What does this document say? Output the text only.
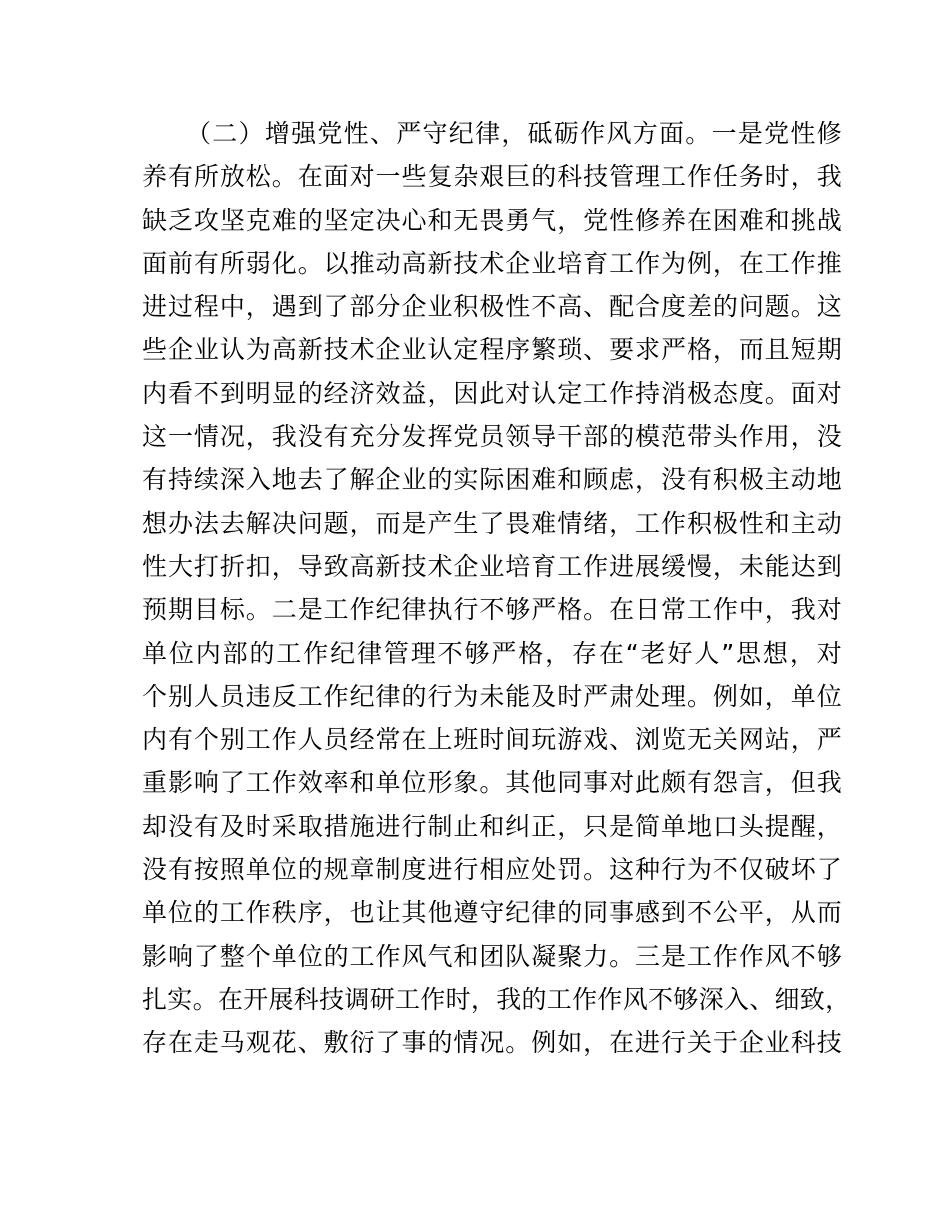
（二）增强党性、严守纪律，砥砺作风方面。一是党性修
养有所放松。在面对一些复杂艰巨的科技管理工作任务时，我
缺乏攻坚克难的坚定决心和无畏勇气，党性修养在困难和挑战
面前有所弱化。以推动高新技术企业培育工作为例，在工作推
进过程中，遇到了部分企业积极性不高、配合度差的问题。这
些企业认为高新技术企业认定程序繁琐、要求严格，而且短期
内看不到明显的经济效益，因此对认定工作持消极态度。面对
这一情况，我没有充分发挥党员领导干部的模范带头作用，没
有持续深入地去了解企业的实际困难和顾虑，没有积极主动地
想办法去解决问题，而是产生了畏难情绪，工作积极性和主动
性大打折扣，导致高新技术企业培育工作进展缓慢，未能达到
预期目标。二是工作纪律执行不够严格。在日常工作中，我对
单位内部的工作纪律管理不够严格，存在“老好人”思想，对
个别人员违反工作纪律的行为未能及时严肃处理。例如，单位
内有个别工作人员经常在上班时间玩游戏、浏览无关网站，严
重影响了工作效率和单位形象。其他同事对此颇有怨言，但我
却没有及时采取措施进行制止和纠正，只是简单地口头提醒，
没有按照单位的规章制度进行相应处罚。这种行为不仅破坏了
单位的工作秩序，也让其他遵守纪律的同事感到不公平，从而
影响了整个单位的工作风气和团队凝聚力。三是工作作风不够
扎实。在开展科技调研工作时，我的工作作风不够深入、细致，
存在走马观花、敷衍了事的情况。例如，在进行关于企业科技
